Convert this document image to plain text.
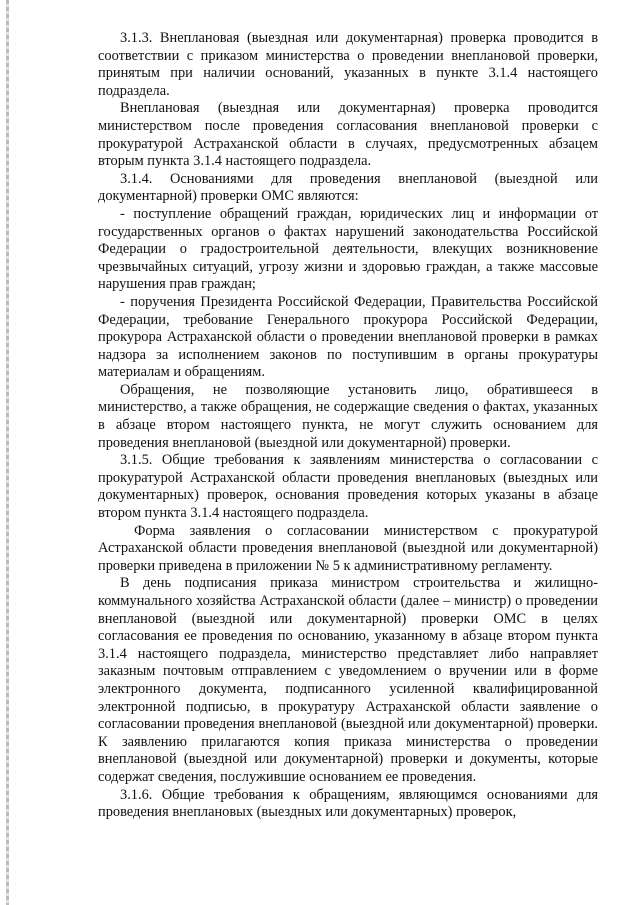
3.1.3. Внеплановая (выездная или документарная) проверка проводится в соответствии с приказом министерства о проведении внеплановой проверки, принятым при наличии оснований, указанных в пункте 3.1.4 настоящего подраздела.

Внеплановая (выездная или документарная) проверка проводится министерством после проведения согласования внеплановой проверки с прокуратурой Астраханской области в случаях, предусмотренных абзацем вторым пункта 3.1.4 настоящего подраздела.

3.1.4. Основаниями для проведения внеплановой (выездной или документарной) проверки ОМС являются:

- поступление обращений граждан, юридических лиц и информации от государственных органов о фактах нарушений законодательства Российской Федерации о градостроительной деятельности, влекущих возникновение чрезвычайных ситуаций, угрозу жизни и здоровью граждан, а также массовые нарушения прав граждан;

- поручения Президента Российской Федерации, Правительства Российской Федерации, требование Генерального прокурора Российской Федерации, прокурора Астраханской области о проведении внеплановой проверки в рамках надзора за исполнением законов по поступившим в органы прокуратуры материалам и обращениям.

Обращения, не позволяющие установить лицо, обратившееся в министерство, а также обращения, не содержащие сведения о фактах, указанных в абзаце втором настоящего пункта, не могут служить основанием для проведения внеплановой (выездной или документарной) проверки.

3.1.5. Общие требования к заявлениям министерства о согласовании с прокуратурой Астраханской области проведения внеплановых (выездных или документарных) проверок, основания проведения которых указаны в абзаце втором пункта 3.1.4 настоящего подраздела.

Форма заявления о согласовании министерством с прокуратурой Астраханской области проведения внеплановой (выездной или документарной) проверки приведена в приложении № 5 к административному регламенту.

В день подписания приказа министром строительства и жилищно-коммунального хозяйства Астраханской области (далее – министр) о проведении внеплановой (выездной или документарной) проверки ОМС в целях согласования ее проведения по основанию, указанному в абзаце втором пункта 3.1.4 настоящего подраздела, министерство представляет либо направляет заказным почтовым отправлением с уведомлением о вручении или в форме электронного документа, подписанного усиленной квалифицированной электронной подписью, в прокуратуру Астраханской области заявление о согласовании проведения внеплановой (выездной или документарной) проверки. К заявлению прилагаются копия приказа министерства о проведении внеплановой (выездной или документарной) проверки и документы, которые содержат сведения, послужившие основанием ее проведения.

3.1.6. Общие требования к обращениям, являющимся основаниями для проведения внеплановых (выездных или документарных) проверок,
